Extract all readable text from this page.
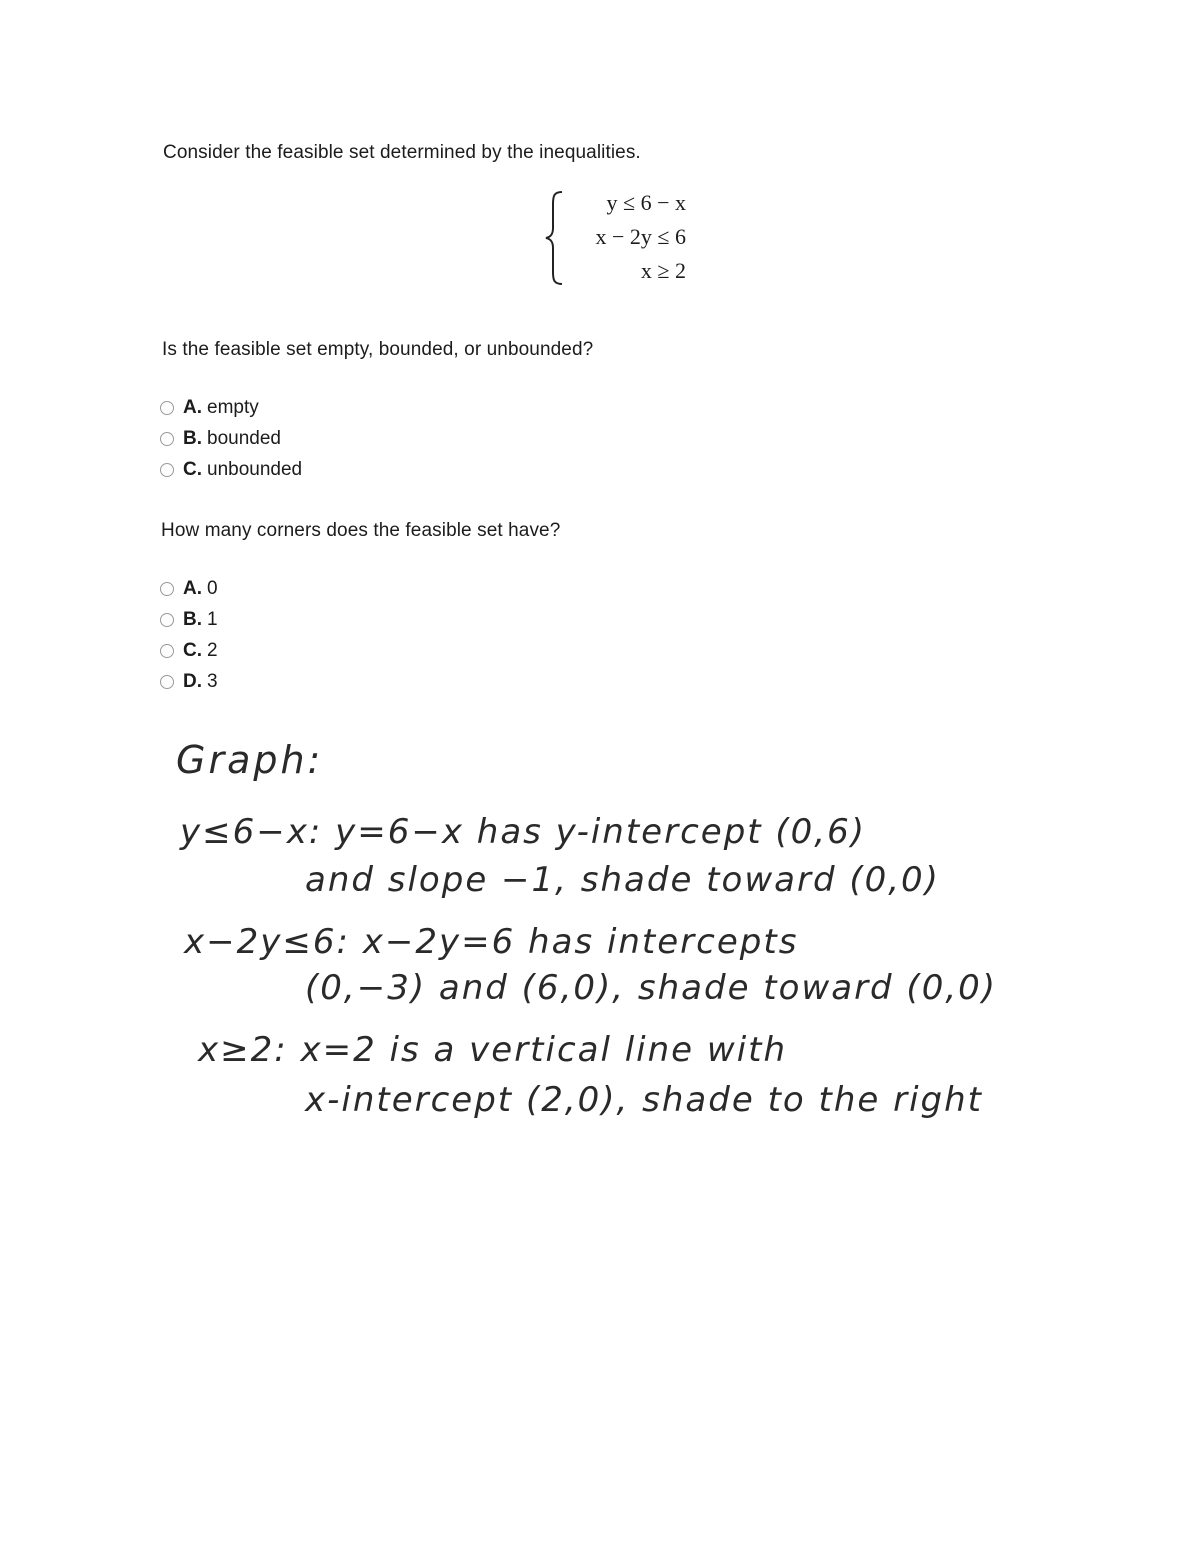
Consider the feasible set determined by the inequalities.
y ≤ 6 − x
x − 2y ≤ 6
x ≥ 2
Is the feasible set empty, bounded, or unbounded?
A. empty
B. bounded
C. unbounded
How many corners does the feasible set have?
A. 0
B. 1
C. 2
D. 3
Graph:
y≤6−x: y=6−x has y-intercept (0,6)
and slope −1, shade toward (0,0)
x−2y≤6: x−2y=6 has intercepts
(0,−3) and (6,0), shade toward (0,0)
x≥2: x=2 is a vertical line with
x-intercept (2,0), shade to the right
